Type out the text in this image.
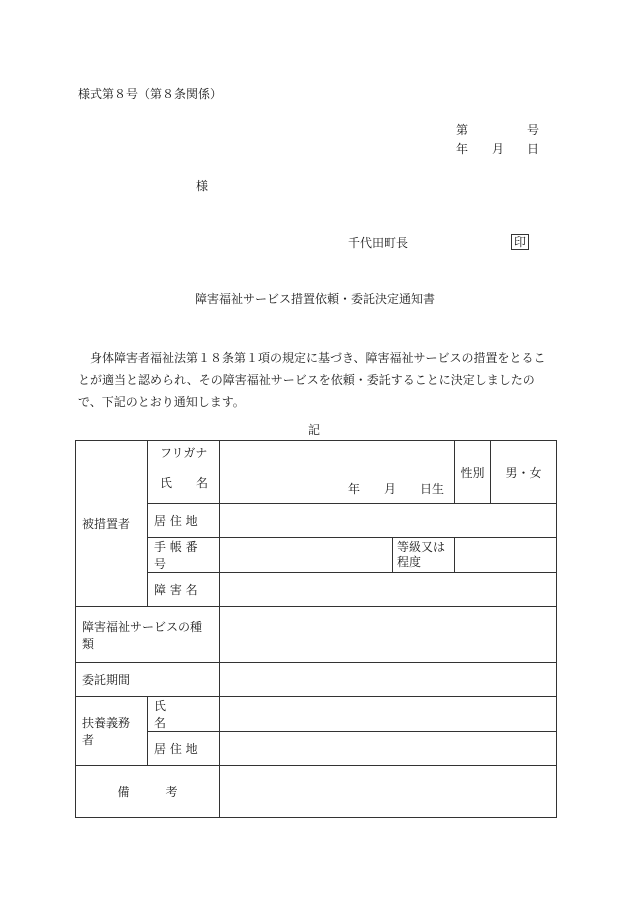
様式第８号（第８条関係）
第	号
年 月 日
様
千代田町長	印
障害福祉サービス措置依頼・委託決定通知書
身体障害者福祉法第１８条第１項の規定に基づき、障害福祉サービスの措置をとることが適当と認められ、その障害福祉サービスを依頼・委託することに決定しましたので、下記のとおり通知します。
記
被措置者	フリガナ
氏　　名	年　　月　　日生		性別	男・女
	居 住 地				
	手 帳 番 号		等級又は程度		
	障 害 名				
障害福祉サービスの種類					
委託期間					
扶養義務者	氏　　　名				
	居 住 地				
備　　　考					
